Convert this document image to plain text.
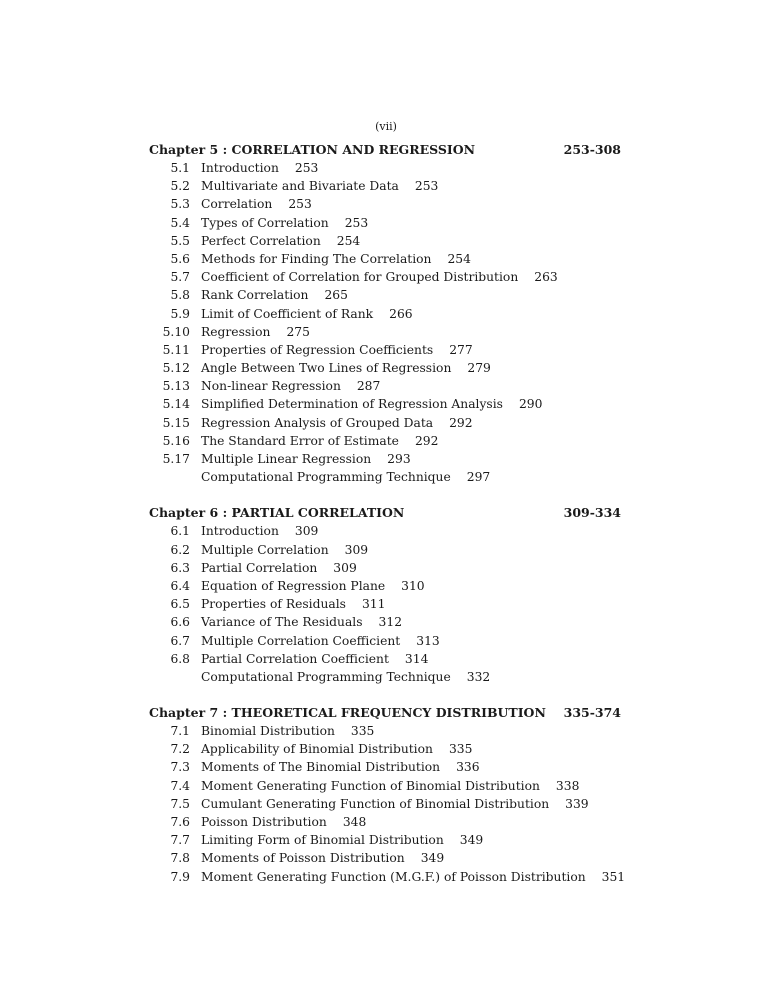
(vii)
Chapter 5 : CORRELATION AND REGRESSION	253-308
5.1 Introduction 253
5.2 Multivariate and Bivariate Data 253
5.3 Correlation 253
5.4 Types of Correlation 253
5.5 Perfect Correlation 254
5.6 Methods for Finding The Correlation 254
5.7 Coefficient of Correlation for Grouped Distribution 263
5.8 Rank Correlation 265
5.9 Limit of Coefficient of Rank 266
5.10 Regression 275
5.11 Properties of Regression Coefficients 277
5.12 Angle Between Two Lines of Regression 279
5.13 Non-linear Regression 287
5.14 Simplified Determination of Regression Analysis 290
5.15 Regression Analysis of Grouped Data 292
5.16 The Standard Error of Estimate 292
5.17 Multiple Linear Regression 293
Computational Programming Technique 297
Chapter 6 : PARTIAL CORRELATION	309-334
6.1 Introduction 309
6.2 Multiple Correlation 309
6.3 Partial Correlation 309
6.4 Equation of Regression Plane 310
6.5 Properties of Residuals 311
6.6 Variance of The Residuals 312
6.7 Multiple Correlation Coefficient 313
6.8 Partial Correlation Coefficient 314
Computational Programming Technique 332
Chapter 7 : THEORETICAL FREQUENCY DISTRIBUTION 335-374
7.1 Binomial Distribution 335
7.2 Applicability of Binomial Distribution 335
7.3 Moments of The Binomial Distribution 336
7.4 Moment Generating Function of Binomial Distribution 338
7.5 Cumulant Generating Function of Binomial Distribution 339
7.6 Poisson Distribution 348
7.7 Limiting Form of Binomial Distribution 349
7.8 Moments of Poisson Distribution 349
7.9 Moment Generating Function (M.G.F.) of Poisson Distribution 351
